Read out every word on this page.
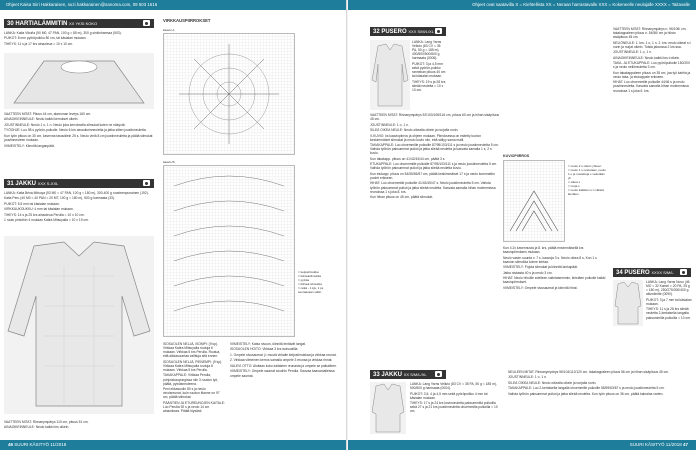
Ohjeet Kaisa Siiri Hakkaraisen, suzi.hakkarainen@sanoma.com, 09 503 1616
30 HARTIALÄMMITIN XX YKSI KOKO

LANKA: Katia Vikuña (50 M0, 47 PAN, 100 g = 85 m), 300 g sinkinharmaa (503).

PUIKOT: 8 mm pyöröpuikko 80 cm, tai käsialan mukaan.

TIHEYS: 11 s ja 17 krs ainaoleua = 10 x 10 cm.

VAATTEEN MITAT: Pituus 44 cm, alareunan leveys 160 cm.

AINAOIKEINNEULE: Neulo kaikki kerrokset oikein.

JOUSTINNEULE: Neulo 1 o, 1 n. Neulo joka kerroksella silmukat kuten ne näkyvät.

TYÖOHJE: Luo 98 s pyörön-puikolle. Neulo 6 krs ainaoikeinneuletta ja jatka sitten joustinneuletta.

Kun työn pituus on 30 cm, kavenna tasavälein 25 s. Neulo vielä 8 cm joustinneuletta ja päätä silmukat joustinneuleen mukaan.

VIIMEISTELY: Kiinnitä langanpäät.

31 JAKKU XXX S-XXL

LANKA: Katia Brina Mitsuya (53 M0 = 47 PAN, 100 g = 180 m), 300-400 g ruosteenpunainen (192).

Katia Peru (40 M0 = 40 PAN = 20 MT, 100 g = 180 m), 500 g harmaata (33).

PUIKOT: 5,5 mm tai käsialan mukaan.

VIRKKUUKOUKKU: 4 mm tai käsialan mukaan.

TIHEYS: 14 s ja 25 krs ainaoleua Perulla = 10 x 10 cm.

1 ruutu pintoihin 4 mukaan Katira Mitsuyalla = 10 x 19 cm.

VAATTEEN MITAT: Rinnanympärys 110 cm, pituus 51 cm.

AINAOIKEINNEULE: Neulo kaikki krs oikein.

VIRKKAUSPIIRROKSET
kaavio A
kaavio B
= ketjusilmukka
= kiinteäsilmukka
= pylväs
= kiinteä silmukka
= reikä ‑ 1 kjs, 1 ps
seuraavaan väliin

ISOSUOLEN NELJÄ, ISOMPI: (9 kp). Virkkaa Katira Mitsuyalla ruutuja 6 mukaan. Virkkaa 5 krs Perulla. Ruutua, että aikkasuuntaa valittuja sitä ennen.

ISOSUOLEN NELJÄ, PIENEMPI: (9 kp). Virkkaa Katira Mitsuyalla ruutuja 8 mukaan. Virkkaa 5 krs Perulla.

TAKAKAPPALE: Virkkaa Perulla, pohjoiskaupungissa niin 3 ruudun työ, päätä, pylväsneuleena.

Peni ekkasuolin 80 s ja neulo vinoisreunat, kuin ruudun tilanne on 97 cm, päätä silmukat.

PÄÄNTIEN JA ETUREUNOJEN KAITALE: Luo Perulla 92 s ja neulo 14 cm ainaoikeaa. Päätä löysästi.

VIIMEISTELY: Katso sivuun, kiinnitä lentävät langat.

ISOSUOLEN HOITO: Virkkaa 3 krs isoisuolilla.

1. Ompele sivusaumat (= muutä virkaile ketjusilmukkaa ja virkkaa reunat.

2. Virkkaa viimeinen kerros samalla ompele 3 reunaa ja virkkaa rinnat.

VALEVI OTTO: Aloitaan koko kaitaleen reunasta ja ompele se paikalleen.

VIIMEISTELY: Ompele saumat sivuihin Perulla. Sauvaa kaavamalleissa ompele saumat.

46 SUURI KÄSITYÖ 11/2018
Ohjeet ovat saatavilla X = Kiehtellista XX = Neraan harrastavalle XXX = Kokeneelle neulojalle XXXX = Taitavalle
32 PUSERO XXX S/M/L/XL

LANKA: Lang Yarns Velluto (83 CV = 35 PA, 50 g = 185 m), 400/500/500/600 g harmaata (0006).

PUIKOT: 3 ja 4,5 mm sekä pyörön-puikko rannekan pituus 40 cm tai käsialan mukaan.

TIHEYS: 19 s ja 28 krs sileää neuletta = 10 x 10 cm.

VAATTEEN MITAT: Rinnanympärys 92/100/108/116 cm, pituus 60 cm ja hihan sisäpituus 45 cm.

JOUSTINNEULE: 1 o, 1 n.

SILEÄ OIKEA NEULE: Neulo oikealla oikein ja nurjalla nurin.

V-KUVIO: ks kaaviopiirros ja ohjeen mukaan. Piirroksessa on esitetty kuvion keskimmäiset silmukat ja neulo kuvio niin, että säilyy sama malli.

TAKAKAPPALE: Luo ohuemmille puikoille 87/95/103/111 s ja neulo joustinneuletta 5 cm. Vaihda työhön paksummat puikot ja jatka sileää neuletta ja kasvata samalla 1 s, 2 s kuvio.

Kun takakapp. pituus on 41/42/43/44 cm, päätä 3 s.

ETUKAPPALE: Luo ohuemmille puikoille 87/95/103/111 s ja neulo joustinneuletta 5 cm. Vaihda työhön paksummat puikot ja jatka sileää neuletta kuvio.

Kun etukapp. pituus on 54/55/56/57 cm, päätä keskimmäiset 17 s ja neulo kummatkin puolet erikseen.

HIHAT: Luo ohuemmille puikoille 41/43/45/47 s. Neulo joustinneuletta 5 cm. Vaihda työhön paksummat puikot ja jatka sileää neuletta. Kasvata samalla hihan molemmissa reunoissa 1 s joka 8. krs.

Kun hihan pituus on 45 cm, päätä silmukat.

KUVIOPIIRROS
= neulo 2 s oikein yhteen
= neulo 1 s nostetaan, neulo 1 o ja nostettuja s vedetään yli
= oikea s
= nurja s
= neulo kaikkien s:n välistä kiertäen

Kun 4.2x kavennusta ja 8. krs, päätä ensimmäisellä krs kaaviopiirroksen mukaan.

Neulo vasen suunta v. 7 s, kaavoja 3 s. Neulo oikea 8 s, Kun 1 s kaavion silmukka kolme kertaa.

VIIMEISTELY: Pujota silmukat ja kiinnitä lankapäät.

Jatka niskasta 40 s ja neulo 3 cm.

HIHAT: Neulo hihoille edelleen valintaisemmin, kiristäen puikolle kaikki kaaviopiirrokset.

VIIMEISTELY: Ompele sivusaumat ja kiinnitä hihat.

33 JAKKU XX S/M/L/XL

LANKA: Lang Yarns Velluto (83 CV = 35 PA, 50 g = 185 m), 500/600 g harmaata (0004).

PUIKOT: 3,5, 4 ja 4,5 mm sekä pyöröpuikko 4 mm tai käsialan mukaan.

TIHEYS: 17 s ja 24 krs kuvioneuletta paksummilla puikoilla sekä 27 s ja 21 krs joustinneuletta ohuemmilla puikoilla = 10 cm.

VAATTEEN MITAT: Rinnanympärys n. 96/106/ cm, takakappaleen pituus n. 54/56/ cm ja hihan sisäpituus 45 cm.

NELIÖNEULE: 1. krs: 1 o, 1 n. 2. krs: neulo oikeat s:t nurin ja nurjat oikein. Toista jaksossa 2 krs:ssa.

JOUSTINNEULE: 1 o, 1 n.

AINAOIKEINNEULE: Neulo kaikki krs:t oikein.

TAKA- JA ETUKAPPALE: Luo pyöröpuikolle 180/200 s ja neulo neliöneuletta 3 cm.

Kun takakappaleen pituus on 35 cm, jaa työ kahtia ja neulo taka- ja etukappale erikseen.

HIHAT: Luo ohuemmille puikoille 44/46 s ja neulo joustinneuletta. Kasvata samalla hihan molemmissa reunoissa 1 s joka 6. krs.

34 PUSERO XXXX S/M/L

LANKA: Lang Yarns Novo (46 MO = 32 Kamel = 20 PA, 25 g = 180 m), 250/275/300/400 g allumiinitte (0090).

PUIKOT: 3 ja 7 mm tai käsialan mukaan.

TIHEYS: 11 s ja 28 krs sileää neuletta 2-kertaisella langalla paksummilla puikoilla = 10 cm.

NEULEEN MITAT: Rinnanympärys 96/104/112/120 cm, takakappaleen pituus 56 cm ja hihan sisäpituus 45 cm.

JOUSTINNEULE: 1 o, 1 n.

SILEÄ OIKEA NEULE: Neulo oikealla oikein ja nurjalla nurin.

TAKAKAPPALE: Luo 2-kertaisella langalla ohuemmille puikoille 55/59/63/67 s ja neulo joustinneuletta 5 cm.

Vaihda työhön paksummat puikot ja jatka sileää neuletta. Kun työn pituus on 36 cm, päätä kainaloa varten.

SUURI KÄSITYÖ 11/2018 47
